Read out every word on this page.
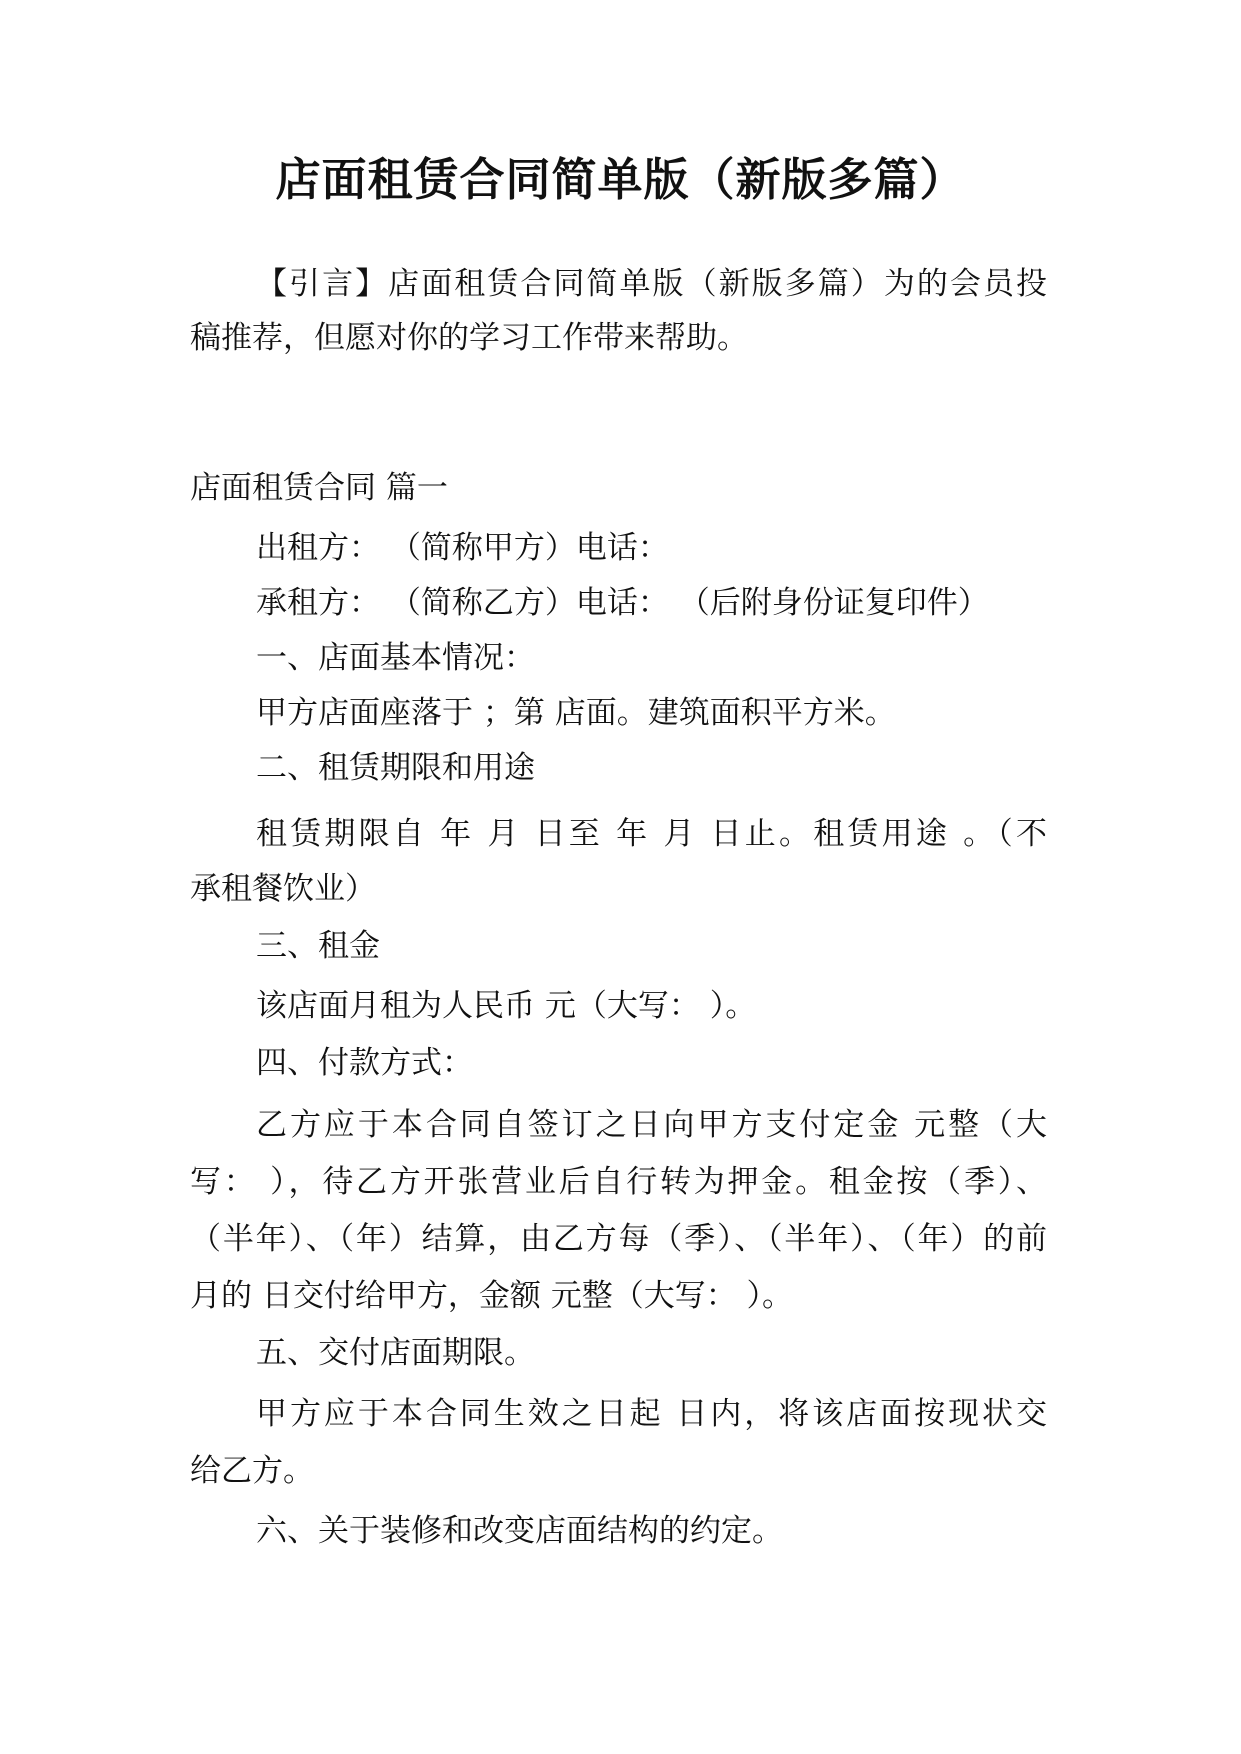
店面租赁合同简单版（新版多篇）

【引言】店面租赁合同简单版（新版多篇）为的会员投

稿推荐，但愿对你的学习工作带来帮助。

店面租赁合同 篇一

出租方： （简称甲方）电话：

承租方： （简称乙方）电话： （后附身份证复印件）

一、店面基本情况：

甲方店面座落于 ；第 店面。建筑面积平方米。

二、租赁期限和用途

租赁期限自 年 月 日至 年 月 日止。租赁用途 。（不

承租餐饮业）

三、租金

该店面月租为人民币 元（大写： ）。

四、付款方式：

乙方应于本合同自签订之日向甲方支付定金 元整（大

写： ），待乙方开张营业后自行转为押金。租金按（季）、

（半年）、（年）结算，由乙方每（季）、（半年）、（年）的前

月的 日交付给甲方，金额 元整（大写： ）。

五、交付店面期限。

甲方应于本合同生效之日起 日内，将该店面按现状交

给乙方。

六、关于装修和改变店面结构的约定。
